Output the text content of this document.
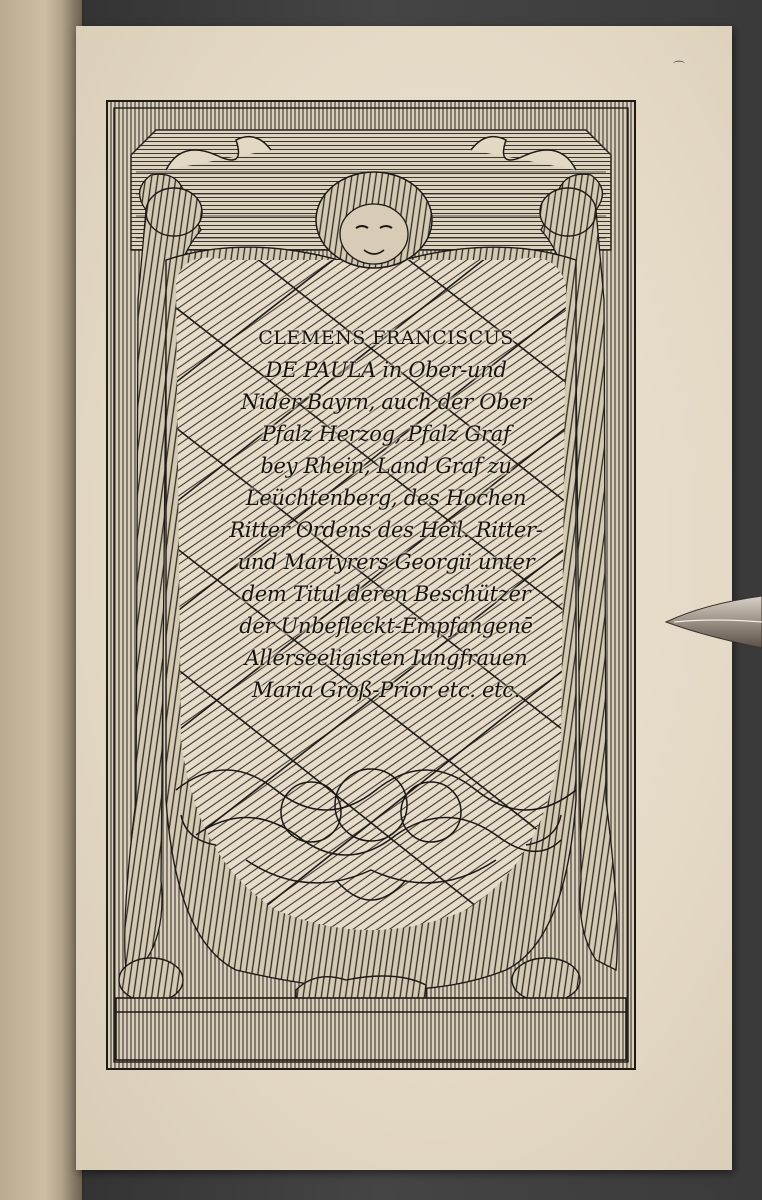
⌒
CLEMENS FRANCISCUS
DE PAULA in Ober-und
Nider Bayrn, auch der Ober
Pfalz Herzog, Pfalz Graf
bey Rhein, Land Graf zu
Leüchtenberg, des Hochen
Ritter Ordens des Heil. Ritter-
und Martyrers Georgii unter
dem Titul deren Beschützer
der Unbefleckt-Empfangenē
Allerseeligisten Iungfrauen
Maria Groß-Prior etc. etc.
